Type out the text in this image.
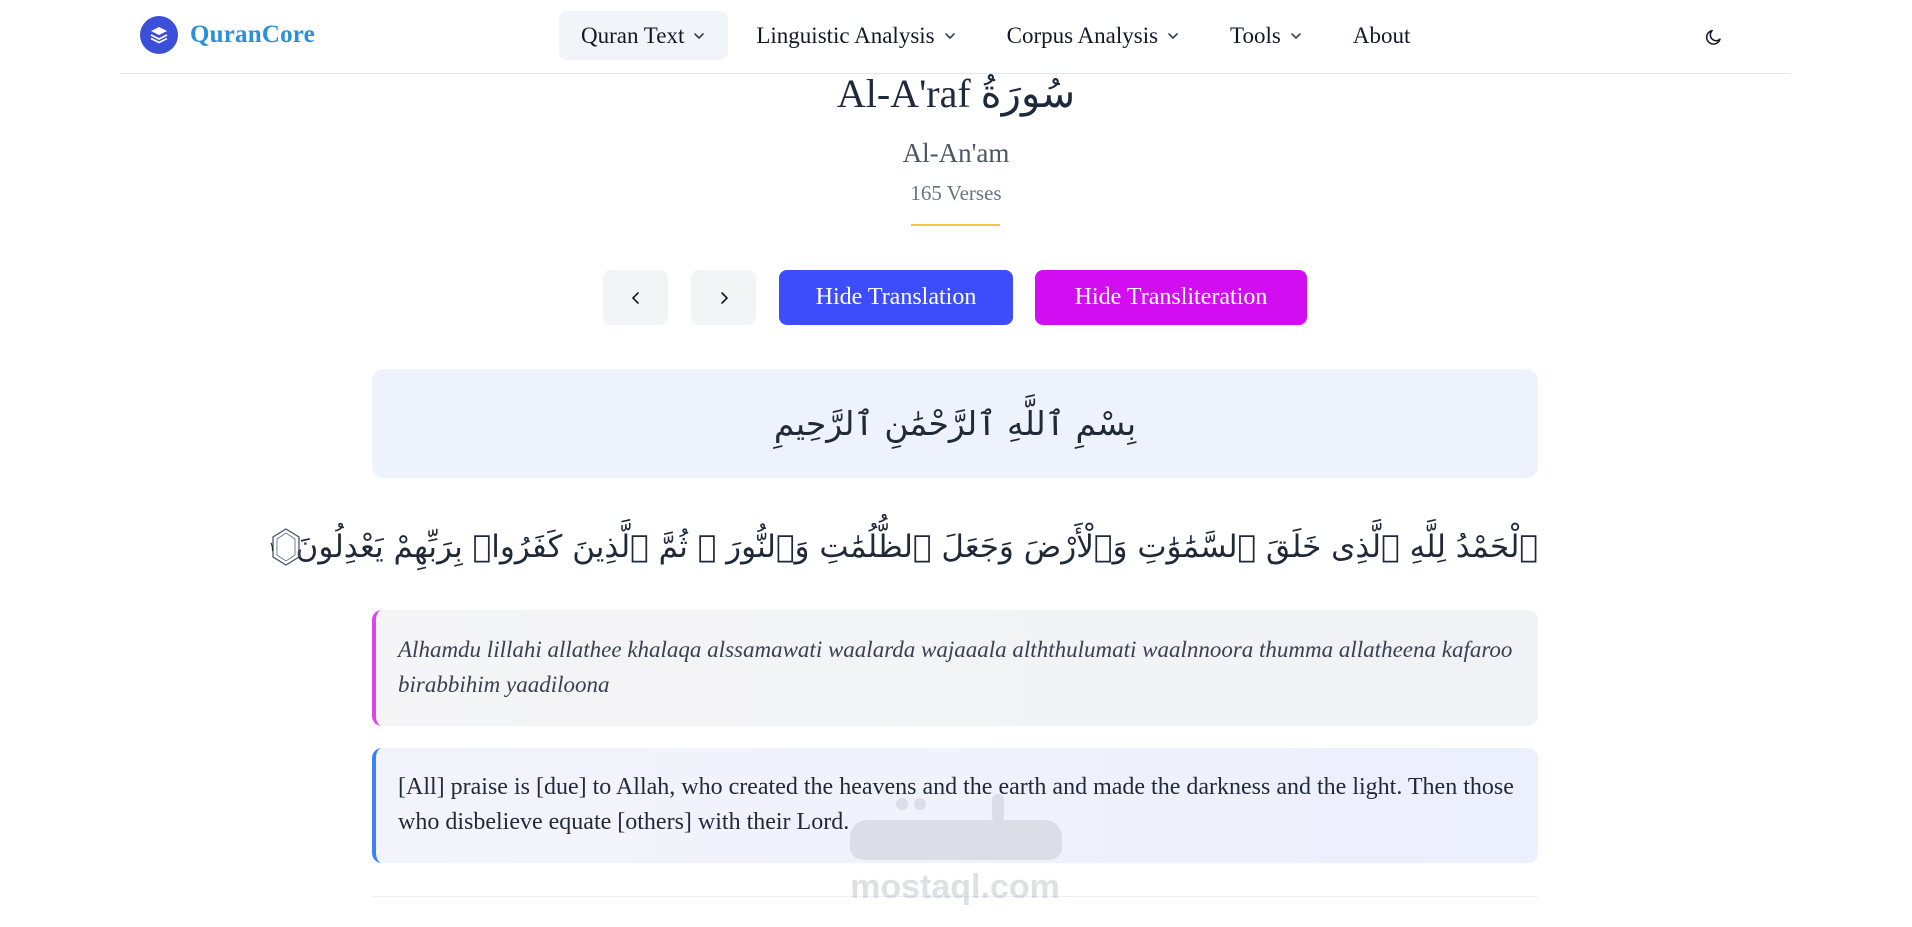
QuranCore	Quran Text	Linguistic Analysis	Corpus Analysis	Tools	About
Al-A'raf سُورَةُ
Al-An'am
165 Verses
Hide Translation	Hide Transliteration
بِسْمِ ٱللَّهِ ٱلرَّحْمَٰنِ ٱلرَّحِيمِ
ٱلْحَمْدُ لِلَّهِ ٱلَّذِى خَلَقَ ٱلسَّمَٰوَٰتِ وَٱلْأَرْضَ وَجَعَلَ ٱلظُّلُمَٰتِ وَٱلنُّورَ ۖ ثُمَّ ٱلَّذِينَ كَفَرُوا۟ بِرَبِّهِمْ يَعْدِلُونَ
١
Alhamdu lillahi allathee khalaqa alssamawati waalarda wajaaala alththulumati waalnnoora thumma allatheena kafaroo birabbihim yaadiloona
[All] praise is [due] to Allah, who created the heavens and the earth and made the darkness and the light. Then those who disbelieve equate [others] with their Lord.
mostaql.com
